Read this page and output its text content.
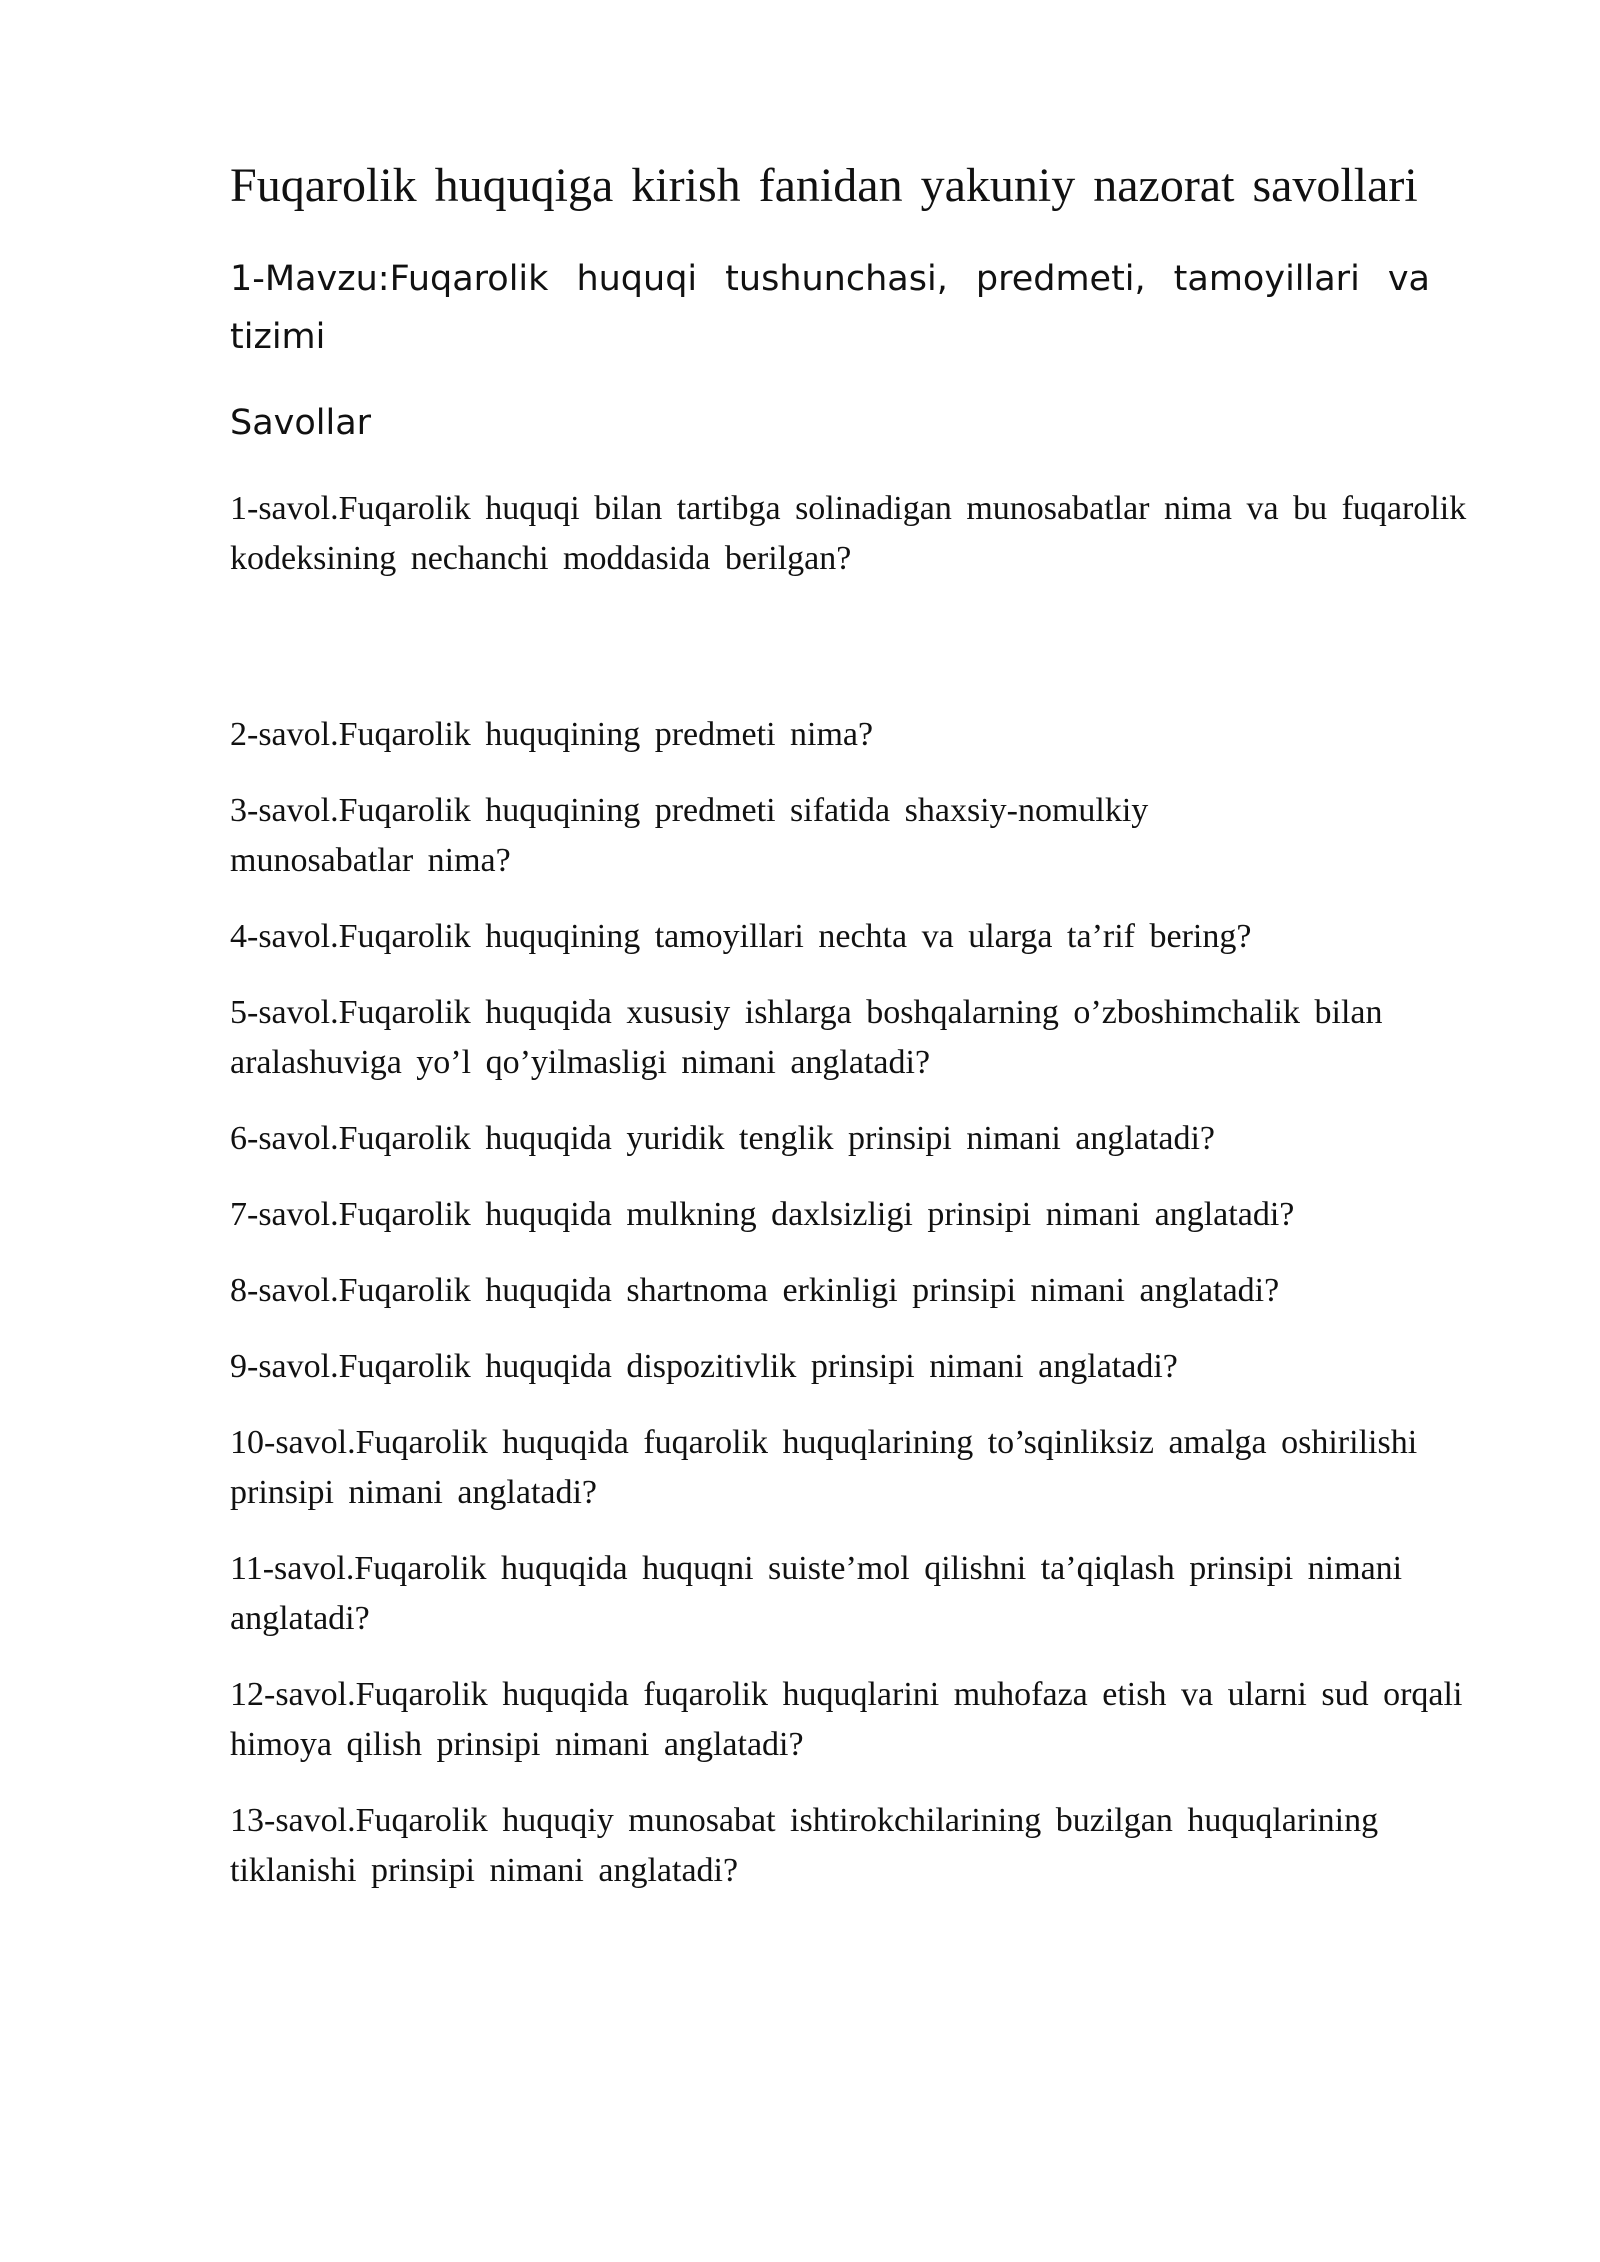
Fuqarolik huquqiga kirish fanidan yakuniy nazorat savollari
1-Mavzu:Fuqarolik huquqi tushunchasi, predmeti, tamoyillari va tizimi
Savollar
1-savol.Fuqarolik huquqi bilan tartibga solinadigan munosabatlar nima va bu fuqarolik kodeksining nechanchi moddasida berilgan?
2-savol.Fuqarolik huquqining predmeti nima?
3-savol.Fuqarolik huquqining predmeti sifatida shaxsiy-nomulkiy munosabatlar nima?
4-savol.Fuqarolik huquqining tamoyillari nechta va ularga ta’rif bering?
5-savol.Fuqarolik huquqida xususiy ishlarga boshqalarning o’zboshimchalik bilan aralashuviga yo’l qo’yilmasligi nimani anglatadi?
6-savol.Fuqarolik huquqida yuridik tenglik prinsipi nimani anglatadi?
7-savol.Fuqarolik huquqida mulkning daxlsizligi prinsipi nimani anglatadi?
8-savol.Fuqarolik huquqida shartnoma erkinligi prinsipi nimani anglatadi?
9-savol.Fuqarolik huquqida dispozitivlik prinsipi nimani anglatadi?
10-savol.Fuqarolik huquqida fuqarolik huquqlarining to’sqinliksiz amalga oshirilishi prinsipi nimani anglatadi?
11-savol.Fuqarolik huquqida huquqni suiste’mol qilishni ta’qiqlash prinsipi nimani anglatadi?
12-savol.Fuqarolik huquqida fuqarolik huquqlarini muhofaza etish va ularni sud orqali himoya qilish prinsipi nimani anglatadi?
13-savol.Fuqarolik huquqiy munosabat ishtirokchilarining buzilgan huquqlarining tiklanishi prinsipi nimani anglatadi?
